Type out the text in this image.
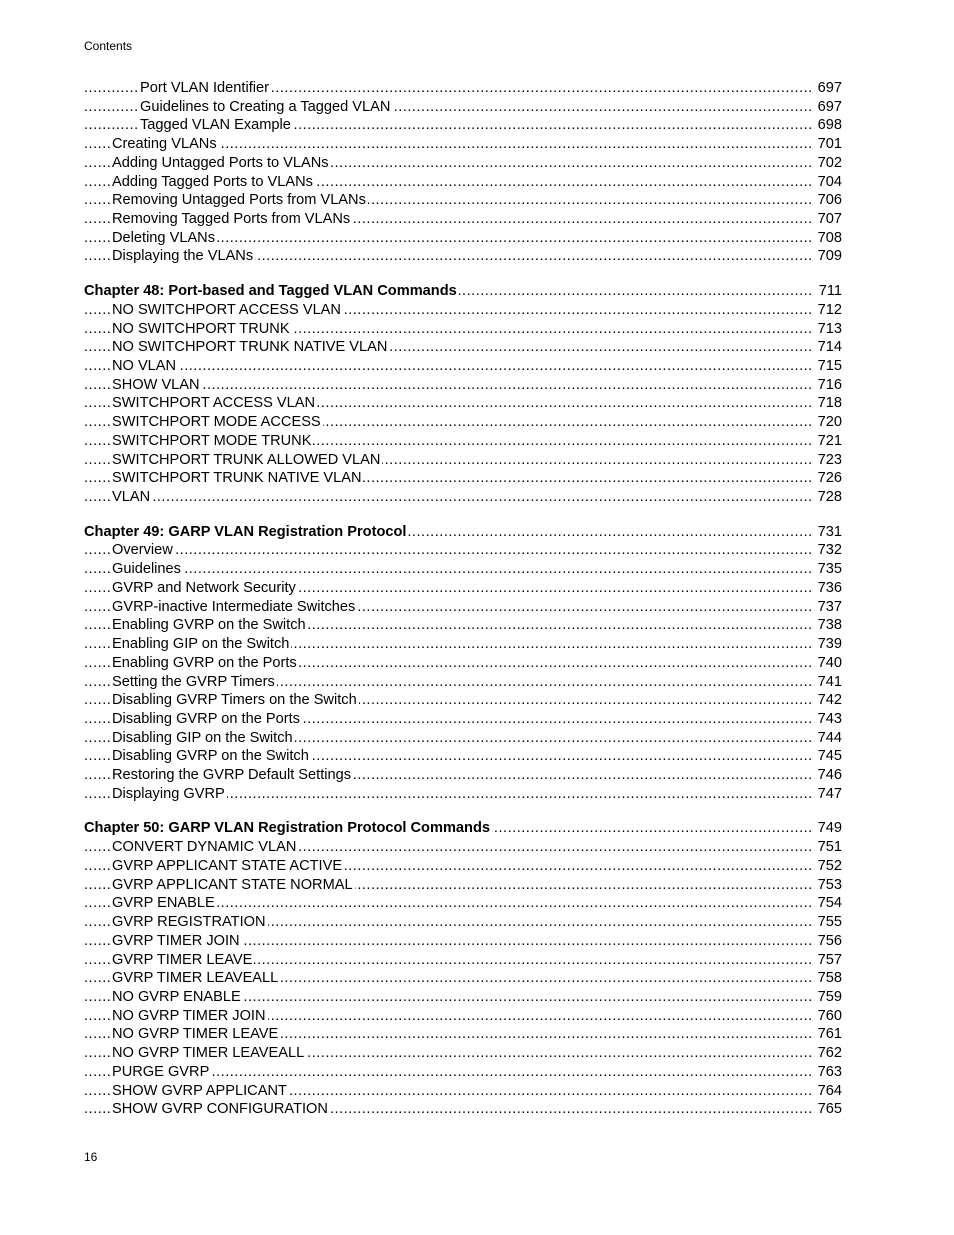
Contents
.....
Port VLAN Identifier	697
.....
Guidelines to Creating a Tagged VLAN	697
.....
Tagged VLAN Example	698
.....
Creating VLANs	701
.....
Adding Untagged Ports to VLANs	702
.....
Adding Tagged Ports to VLANs	704
.....
Removing Untagged Ports from VLANs	706
.....
Removing Tagged Ports from VLANs	707
.....
Deleting VLANs	708
.....
Displaying the VLANs	709
.....
Chapter 48: Port-based and Tagged VLAN Commands	711
.....
NO SWITCHPORT ACCESS VLAN	712
.....
NO SWITCHPORT TRUNK	713
.....
NO SWITCHPORT TRUNK NATIVE VLAN	714
.....
NO VLAN	715
.....
SHOW VLAN	716
.....
SWITCHPORT ACCESS VLAN	718
.....
SWITCHPORT MODE ACCESS	720
.....
SWITCHPORT MODE TRUNK	721
.....
SWITCHPORT TRUNK ALLOWED VLAN	723
.....
SWITCHPORT TRUNK NATIVE VLAN	726
.....
VLAN	728
.....
Chapter 49: GARP VLAN Registration Protocol	731
.....
Overview	732
.....
Guidelines	735
.....
GVRP and Network Security	736
.....
GVRP-inactive Intermediate Switches	737
.....
Enabling GVRP on the Switch	738
.....
Enabling GIP on the Switch	739
.....
Enabling GVRP on the Ports	740
.....
Setting the GVRP Timers	741
.....
Disabling GVRP Timers on the Switch	742
.....
Disabling GVRP on the Ports	743
.....
Disabling GIP on the Switch	744
.....
Disabling GVRP on the Switch	745
.....
Restoring the GVRP Default Settings	746
.....
Displaying GVRP	747
.....
Chapter 50: GARP VLAN Registration Protocol Commands	749
.....
CONVERT DYNAMIC VLAN	751
.....
GVRP APPLICANT STATE ACTIVE	752
.....
GVRP APPLICANT STATE NORMAL	753
.....
GVRP ENABLE	754
.....
GVRP REGISTRATION	755
.....
GVRP TIMER JOIN	756
.....
GVRP TIMER LEAVE	757
.....
GVRP TIMER LEAVEALL	758
.....
NO GVRP ENABLE	759
.....
NO GVRP TIMER JOIN	760
.....
NO GVRP TIMER LEAVE	761
.....
NO GVRP TIMER LEAVEALL	762
.....
PURGE GVRP	763
.....
SHOW GVRP APPLICANT	764
.....
SHOW GVRP CONFIGURATION	765
16
